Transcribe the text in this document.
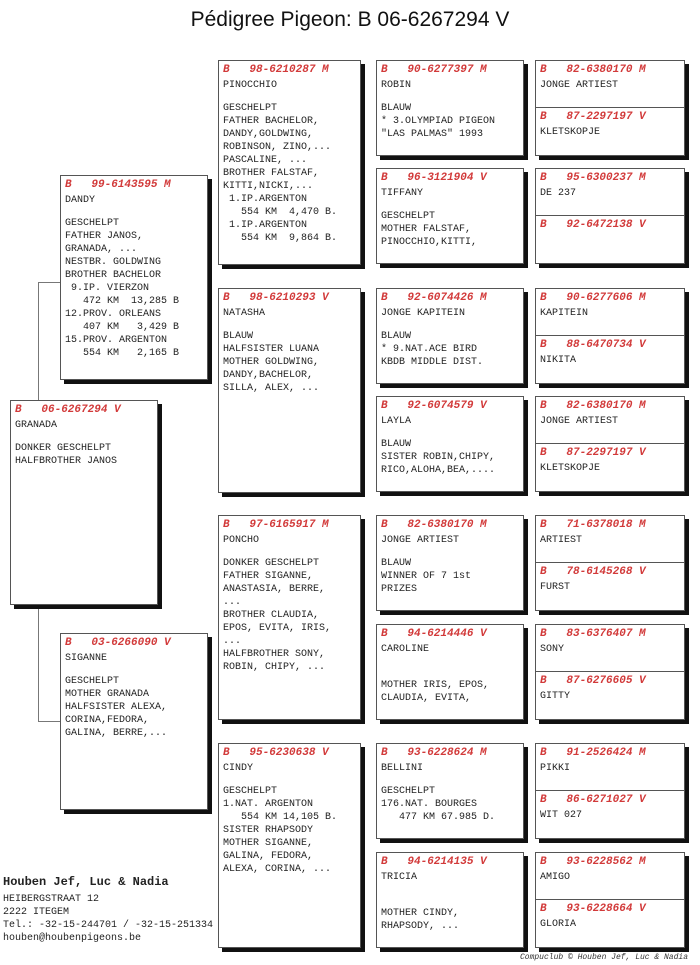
Pédigree Pigeon: B 06-6267294 V
B   06-6267294 V
GRANADA
DONKER GESCHELPT
HALFBROTHER JANOS
B   99-6143595 M
DANDY
GESCHELPT
FATHER JANOS,
GRANADA, ...
NESTBR. GOLDWING
BROTHER BACHELOR
9.IP. VIERZON
472 KM  13,285 B
12.PROV. ORLEANS
407 KM   3,429 B
15.PROV. ARGENTON
554 KM   2,165 B
B   03-6266090 V
SIGANNE
GESCHELPT
MOTHER GRANADA
HALFSISTER ALEXA,
CORINA,FEDORA,
GALINA, BERRE,...
B   98-6210287 M
PINOCCHIO
GESCHELPT
FATHER BACHELOR,
DANDY,GOLDWING,
ROBINSON, ZINO,...
PASCALINE, ...
BROTHER FALSTAF,
KITTI,NICKI,...
1.IP.ARGENTON
554 KM  4,470 B.
1.IP.ARGENTON
554 KM  9,864 B.
B   98-6210293 V
NATASHA
BLAUW
HALFSISTER LUANA
MOTHER GOLDWING,
DANDY,BACHELOR,
SILLA, ALEX, ...
B   97-6165917 M
PONCHO
DONKER GESCHELPT
FATHER SIGANNE,
ANASTASIA, BERRE,
...
BROTHER CLAUDIA,
EPOS, EVITA, IRIS,
...
HALFBROTHER SONY,
ROBIN, CHIPY, ...
B   95-6230638 V
CINDY
GESCHELPT
1.NAT. ARGENTON
554 KM 14,105 B.
SISTER RHAPSODY
MOTHER SIGANNE,
GALINA, FEDORA,
ALEXA, CORINA, ...
B   90-6277397 M
ROBIN
BLAUW
* 3.OLYMPIAD PIGEON
"LAS PALMAS" 1993
B   96-3121904 V
TIFFANY
GESCHELPT
MOTHER FALSTAF,
PINOCCHIO,KITTI,
B   92-6074426 M
JONGE KAPITEIN
BLAUW
* 9.NAT.ACE BIRD
KBDB MIDDLE DIST.
B   92-6074579 V
LAYLA
BLAUW
SISTER ROBIN,CHIPY,
RICO,ALOHA,BEA,....
B   82-6380170 M
JONGE ARTIEST
BLAUW
WINNER OF 7 1st
PRIZES
B   94-6214446 V
CAROLINE
MOTHER IRIS, EPOS,
CLAUDIA, EVITA,
B   93-6228624 M
BELLINI
GESCHELPT
176.NAT. BOURGES
477 KM 67.985 D.
B   94-6214135 V
TRICIA
MOTHER CINDY,
RHAPSODY, ...
B   82-6380170 M
JONGE ARTIEST
B   87-2297197 V
KLETSKOPJE
B   95-6300237 M
DE 237
B   92-6472138 V
B   90-6277606 M
KAPITEIN
B   88-6470734 V
NIKITA
B   82-6380170 M
JONGE ARTIEST
B   87-2297197 V
KLETSKOPJE
B   71-6378018 M
ARTIEST
B   78-6145268 V
FURST
B   83-6376407 M
SONY
B   87-6276605 V
GITTY
B   91-2526424 M
PIKKI
B   86-6271027 V
WIT 027
B   93-6228562 M
AMIGO
B   93-6228664 V
GLORIA
Houben Jef, Luc & Nadia
HEIBERGSTRAAT 12
2222 ITEGEM
Tel.: -32-15-244701 / -32-15-251334
houben@houbenpigeons.be
Compuclub © Houben Jef, Luc & Nadia
